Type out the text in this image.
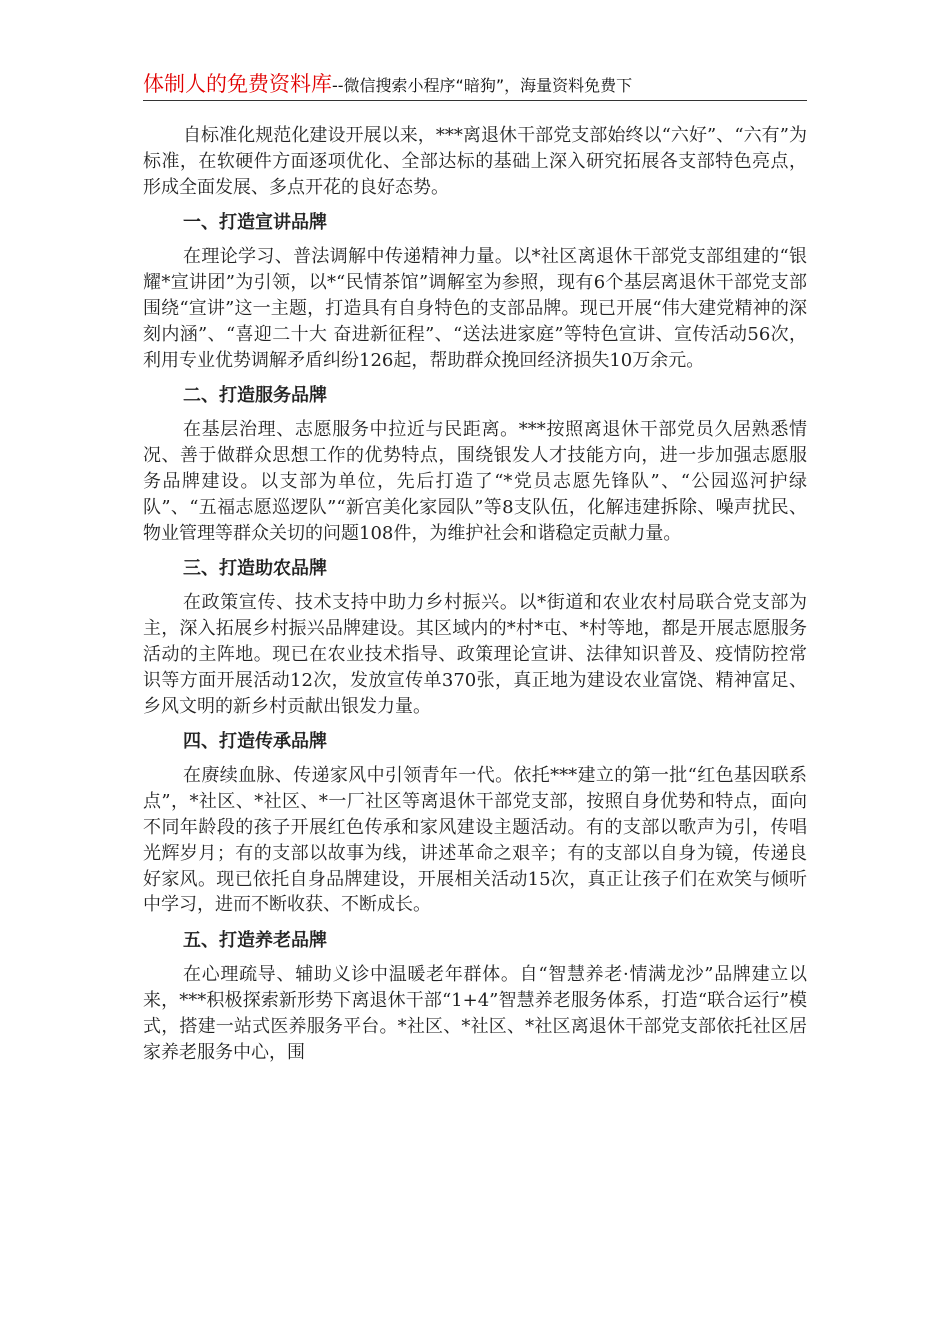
体制人的免费资料库--微信搜索小程序“暗狗”，海量资料免费下

自标准化规范化建设开展以来，***离退休干部党支部始终以“六好”、“六有”为标准，在软硬件方面逐项优化、全部达标的基础上深入研究拓展各支部特色亮点，形成全面发展、多点开花的良好态势。

一、打造宣讲品牌

在理论学习、普法调解中传递精神力量。以*社区离退休干部党支部组建的“银耀*宣讲团”为引领，以*“民情茶馆”调解室为参照，现有6个基层离退休干部党支部围绕“宣讲”这一主题，打造具有自身特色的支部品牌。现已开展“伟大建党精神的深刻内涵”、“喜迎二十大 奋进新征程”、“送法进家庭”等特色宣讲、宣传活动56次，利用专业优势调解矛盾纠纷126起，帮助群众挽回经济损失10万余元。

二、打造服务品牌

在基层治理、志愿服务中拉近与民距离。***按照离退休干部党员久居熟悉情况、善于做群众思想工作的优势特点，围绕银发人才技能方向，进一步加强志愿服务品牌建设。以支部为单位，先后打造了“*党员志愿先锋队”、“公园巡河护绿队”、“五福志愿巡逻队”“新宫美化家园队”等8支队伍，化解违建拆除、噪声扰民、物业管理等群众关切的问题108件，为维护社会和谐稳定贡献力量。

三、打造助农品牌

在政策宣传、技术支持中助力乡村振兴。以*街道和农业农村局联合党支部为主，深入拓展乡村振兴品牌建设。其区域内的*村*屯、*村等地，都是开展志愿服务活动的主阵地。现已在农业技术指导、政策理论宣讲、法律知识普及、疫情防控常识等方面开展活动12次，发放宣传单370张，真正地为建设农业富饶、精神富足、乡风文明的新乡村贡献出银发力量。

四、打造传承品牌

在赓续血脉、传递家风中引领青年一代。依托***建立的第一批“红色基因联系点”，*社区、*社区、*一厂社区等离退休干部党支部，按照自身优势和特点，面向不同年龄段的孩子开展红色传承和家风建设主题活动。有的支部以歌声为引，传唱光辉岁月；有的支部以故事为线，讲述革命之艰辛；有的支部以自身为镜，传递良好家风。现已依托自身品牌建设，开展相关活动15次，真正让孩子们在欢笑与倾听中学习，进而不断收获、不断成长。

五、打造养老品牌

在心理疏导、辅助义诊中温暖老年群体。自“智慧养老·情满龙沙”品牌建立以来，***积极探索新形势下离退休干部“1+4”智慧养老服务体系，打造“联合运行”模式，搭建一站式医养服务平台。*社区、*社区、*社区离退休干部党支部依托社区居家养老服务中心，围
